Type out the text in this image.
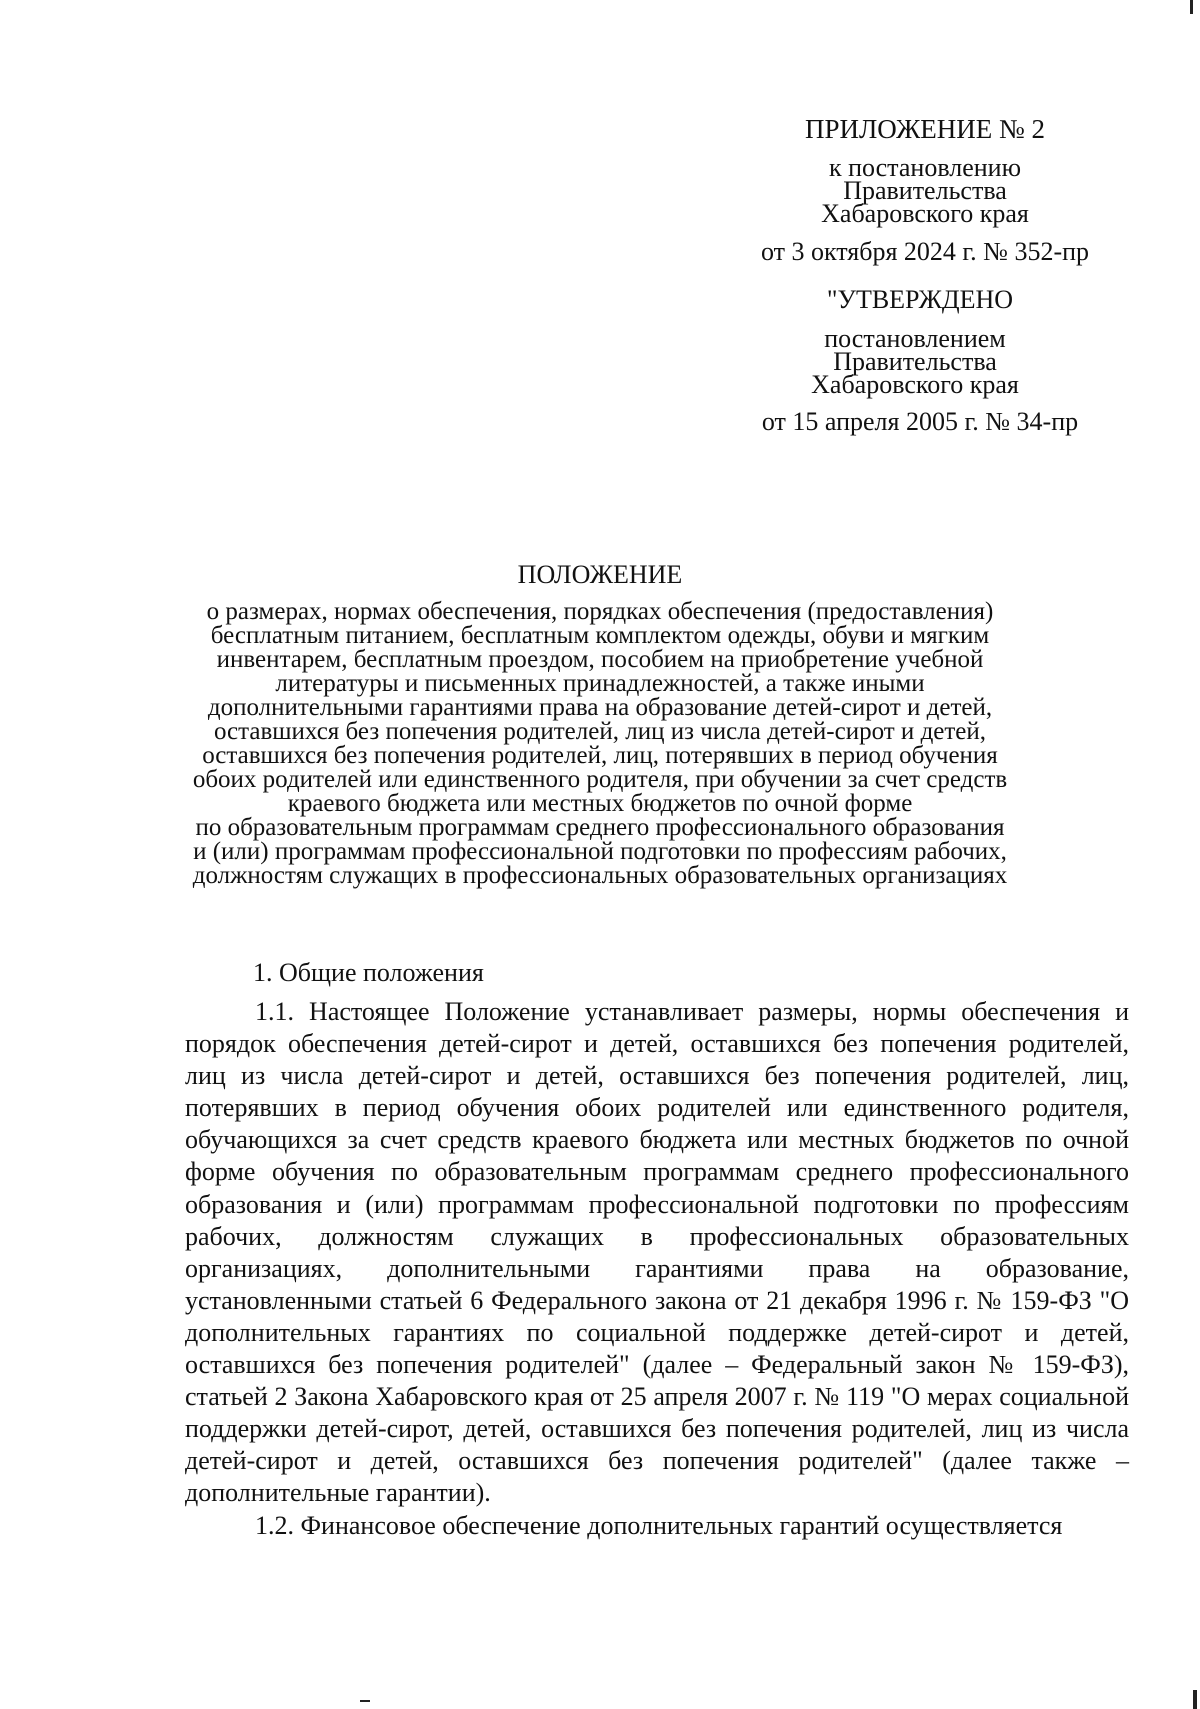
ПРИЛОЖЕНИЕ № 2
к постановлению
Правительства
Хабаровского края
от 3 октября 2024 г. № 352-пр
"УТВЕРЖДЕНО
постановлением
Правительства
Хабаровского края
от 15 апреля 2005 г. № 34-пр
ПОЛОЖЕНИЕ
о размерах, нормах обеспечения, порядках обеспечения (предоставления)
бесплатным питанием, бесплатным комплектом одежды, обуви и мягким
инвентарем, бесплатным проездом, пособием на приобретение учебной
литературы и письменных принадлежностей, а также иными
дополнительными гарантиями права на образование детей-сирот и детей,
оставшихся без попечения родителей, лиц из числа детей-сирот и детей,
оставшихся без попечения родителей, лиц, потерявших в период обучения
обоих родителей или единственного родителя, при обучении за счет средств
краевого бюджета или местных бюджетов по очной форме
по образовательным программам среднего профессионального образования
и (или) программам профессиональной подготовки по профессиям рабочих,
должностям служащих в профессиональных образовательных организациях
1. Общие положения

1.1. Настоящее Положение устанавливает размеры, нормы обеспечения и порядок обеспечения детей-сирот и детей, оставшихся без попечения родителей, лиц из числа детей-сирот и детей, оставшихся без попечения родителей, лиц, потерявших в период обучения обоих родителей или единственного родителя, обучающихся за счет средств краевого бюджета или местных бюджетов по очной форме обучения по образовательным программам среднего профессионального образования и (или) программам профессиональной подготовки по профессиям рабочих, должностям служащих в профессиональных образовательных организациях, дополнительными гарантиями права на образование, установленными статьей 6 Федерального закона от 21 декабря 1996 г. № 159-ФЗ "О дополнительных гарантиях по социальной поддержке детей-сирот и детей, оставшихся без попечения родителей" (далее – Федеральный закон № 159-ФЗ), статьей 2 Закона Хабаровского края от 25 апреля 2007 г. № 119 "О мерах социальной поддержки детей-сирот, детей, оставшихся без попечения родителей, лиц из числа детей-сирот и детей, оставшихся без попечения родителей" (далее также – дополнительные гарантии).

1.2. Финансовое обеспечение дополнительных гарантий осуществляется
